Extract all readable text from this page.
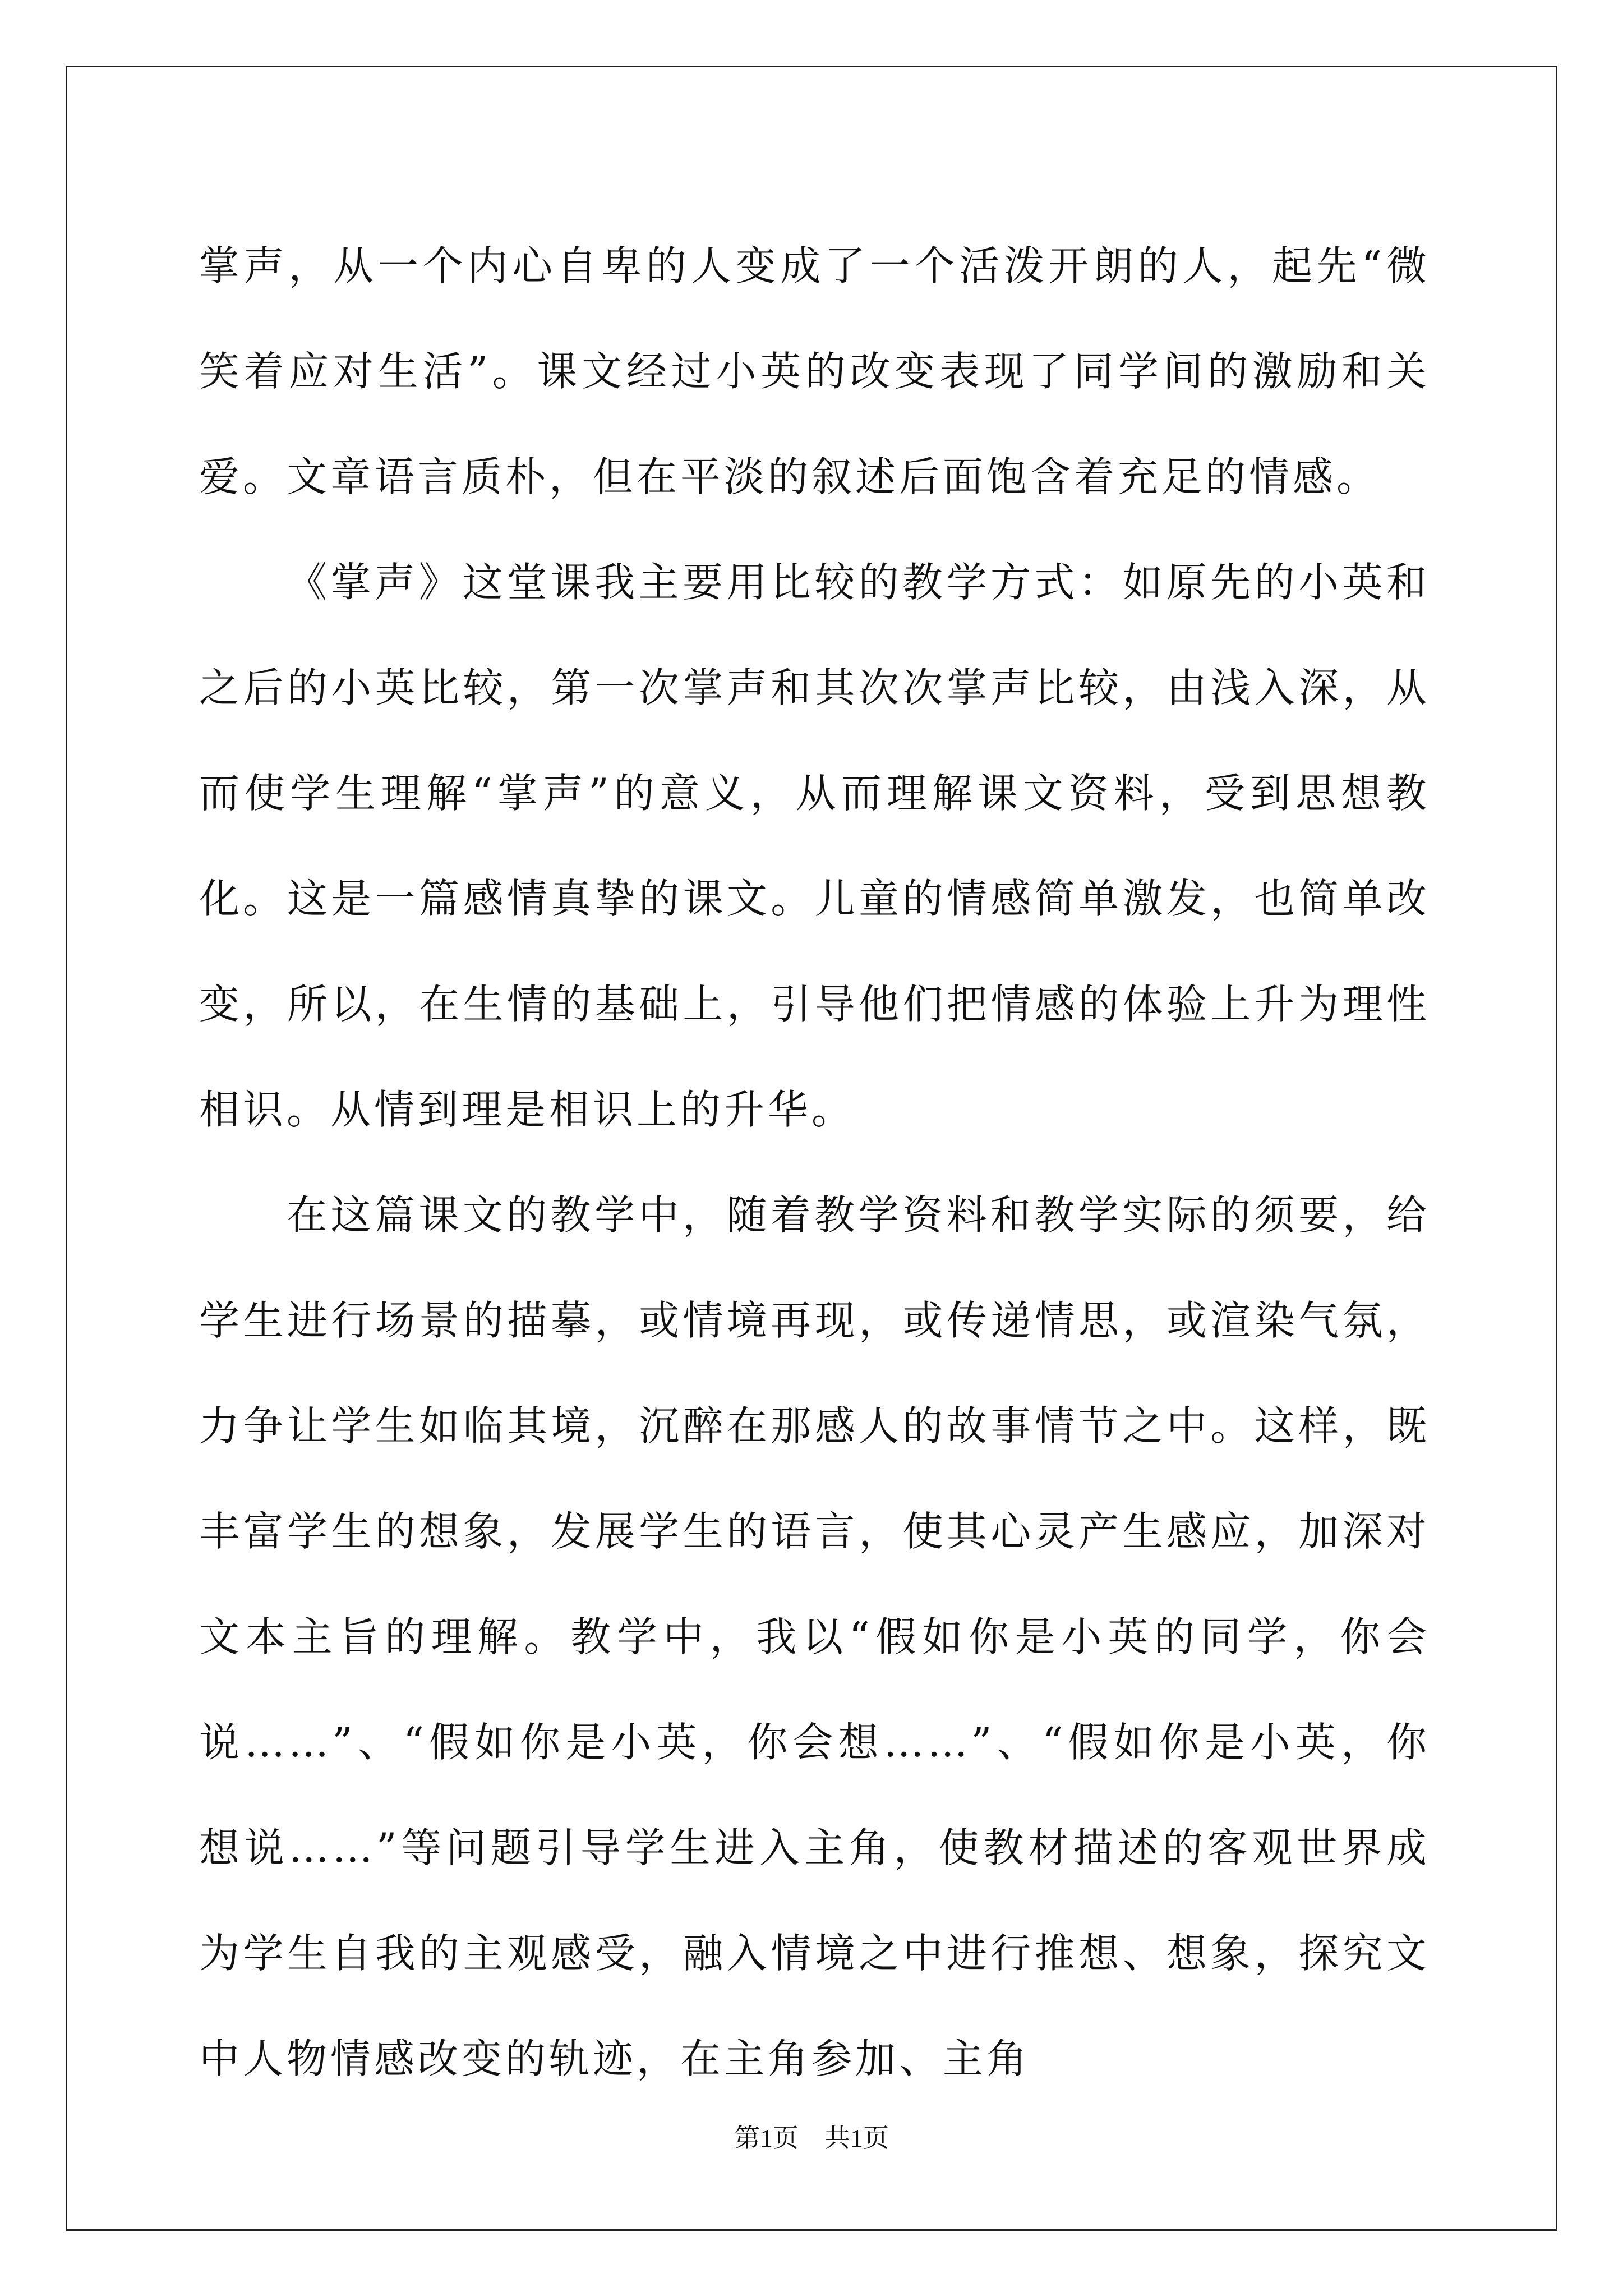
掌声，从一个内心自卑的人变成了一个活泼开朗的人，起先“微笑着应对生活”。课文经过小英的改变表现了同学间的激励和关爱。文章语言质朴，但在平淡的叙述后面饱含着充足的情感。

《掌声》这堂课我主要用比较的教学方式：如原先的小英和之后的小英比较，第一次掌声和其次次掌声比较，由浅入深，从而使学生理解“掌声”的意义，从而理解课文资料，受到思想教化。这是一篇感情真挚的课文。儿童的情感简单激发，也简单改变，所以，在生情的基础上，引导他们把情感的体验上升为理性相识。从情到理是相识上的升华。

在这篇课文的教学中，随着教学资料和教学实际的须要，给学生进行场景的描摹，或情境再现，或传递情思，或渲染气氛，力争让学生如临其境，沉醉在那感人的故事情节之中。这样，既丰富学生的想象，发展学生的语言，使其心灵产生感应，加深对文本主旨的理解。教学中，我以“假如你是小英的同学，你会说……”、“假如你是小英，你会想……”、“假如你是小英，你想说……”等问题引导学生进入主角，使教材描述的客观世界成为学生自我的主观感受，融入情境之中进行推想、想象，探究文中人物情感改变的轨迹，在主角参加、主角

第1页　共1页
